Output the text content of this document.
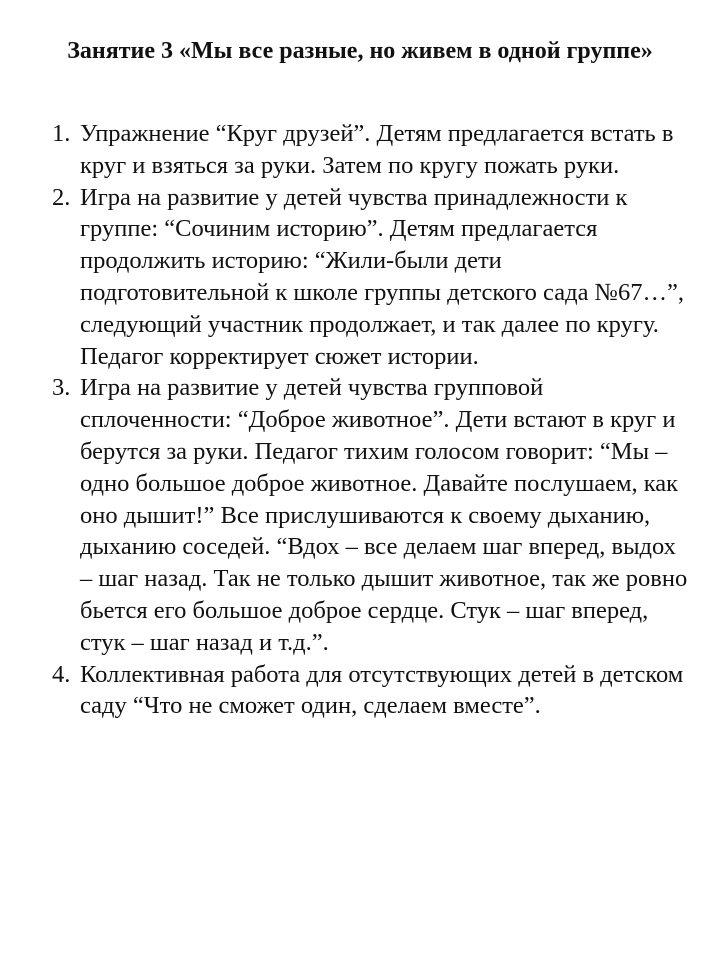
Занятие 3 «Мы все разные, но живем в одной группе»
1. Упражнение “Круг друзей”. Детям предлагается встать в круг и взяться за руки. Затем по кругу пожать руки.
2. Игра на развитие у детей чувства принадлежности к группе: “Сочиним историю”. Детям предлагается продолжить историю: “Жили-были дети подготовительной к школе группы детского сада №67…”, следующий участник продолжает, и так далее по кругу. Педагог корректирует сюжет истории.
3. Игра на развитие у детей чувства групповой сплоченности: “Доброе животное”. Дети встают в круг и берутся за руки. Педагог тихим голосом говорит: “Мы – одно большое доброе животное. Давайте послушаем, как оно дышит!” Все прислушиваются к своему дыханию, дыханию соседей. “Вдох – все делаем шаг вперед, выдох – шаг назад. Так не только дышит животное, так же ровно бьется его большое доброе сердце. Стук – шаг вперед, стук – шаг назад и т.д.”.
4. Коллективная работа для отсутствующих детей в детском саду “Что не сможет один, сделаем вместе”.
